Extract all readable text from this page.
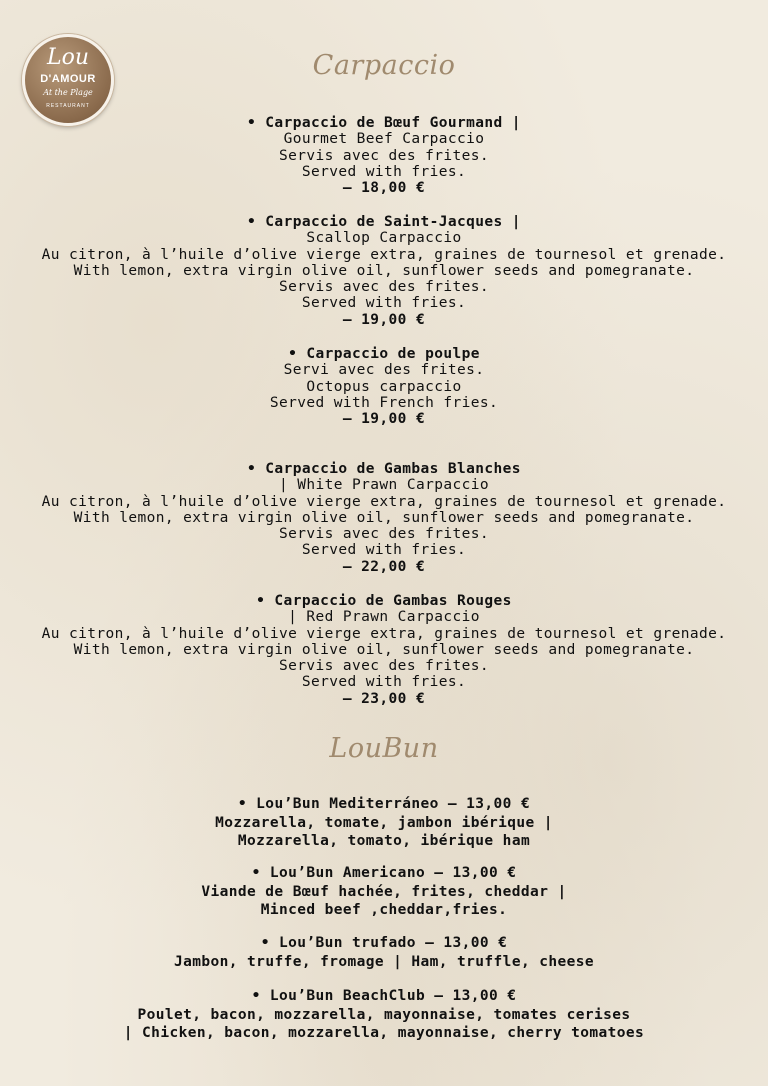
Lou
D'AMOUR
At the Plage
RESTAURANT
Carpaccio
• Carpaccio de Bœuf Gourmand |
Gourmet Beef Carpaccio
Servis avec des frites.
Served with fries.
– 18,00 €
• Carpaccio de Saint-Jacques |
Scallop Carpaccio
Au citron, à l’huile d’olive vierge extra, graines de tournesol et grenade.
With lemon, extra virgin olive oil, sunflower seeds and pomegranate.
Servis avec des frites.
Served with fries.
– 19,00 €
• Carpaccio de poulpe
Servi avec des frites.
Octopus carpaccio
Served with French fries.
– 19,00 €
• Carpaccio de Gambas Blanches
| White Prawn Carpaccio
Au citron, à l’huile d’olive vierge extra, graines de tournesol et grenade.
With lemon, extra virgin olive oil, sunflower seeds and pomegranate.
Servis avec des frites.
Served with fries.
– 22,00 €
• Carpaccio de Gambas Rouges
| Red Prawn Carpaccio
Au citron, à l’huile d’olive vierge extra, graines de tournesol et grenade.
With lemon, extra virgin olive oil, sunflower seeds and pomegranate.
Servis avec des frites.
Served with fries.
– 23,00 €
LouBun
• Lou’Bun Mediterráneo – 13,00 €
Mozzarella, tomate, jambon ibérique |
Mozzarella, tomato, ibérique ham
• Lou’Bun Americano – 13,00 €
Viande de Bœuf hachée, frites, cheddar |
Minced beef ,cheddar,fries.
• Lou’Bun trufado – 13,00 €
Jambon, truffe, fromage | Ham, truffle, cheese
• Lou’Bun BeachClub – 13,00 €
Poulet, bacon, mozzarella, mayonnaise, tomates cerises
| Chicken, bacon, mozzarella, mayonnaise, cherry tomatoes
